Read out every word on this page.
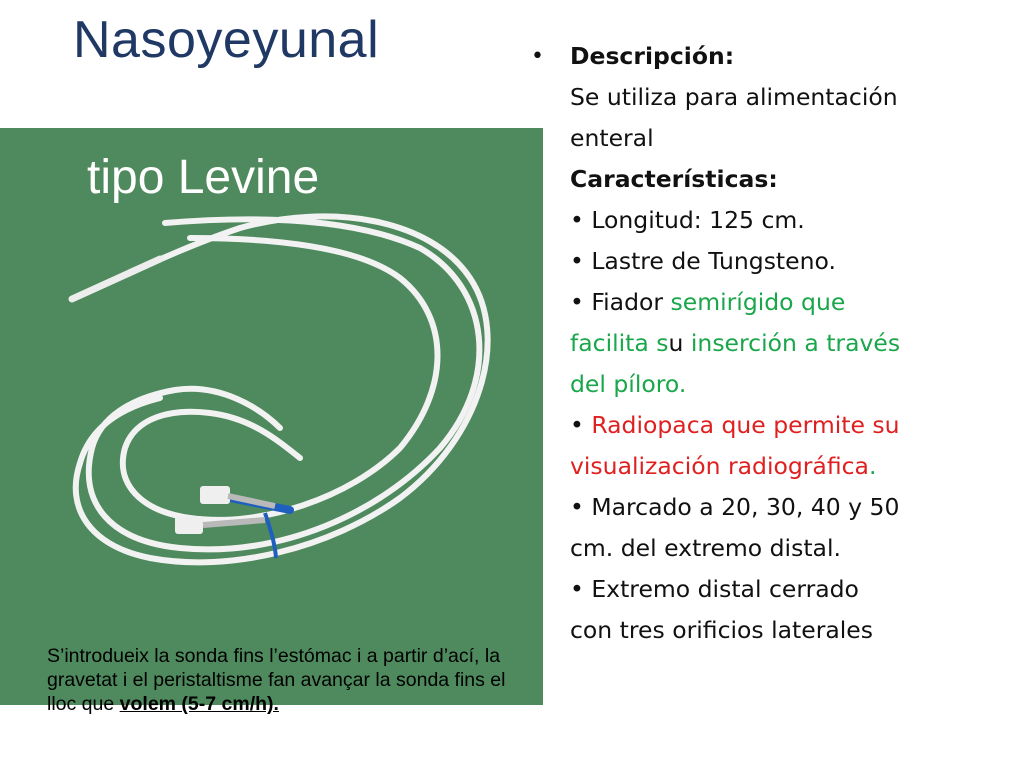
Nasoyeyunal
tipo Levine
S’introdueix la sonda fins l’estómac i a partir d’ací, la gravetat i el peristaltisme fan avançar la sonda fins el lloc que volem (5-7 cm/h).
• Descripción:
Se utiliza para alimentación
enteral
Características:
• Longitud: 125 cm.
• Lastre de Tungsteno.
• Fiador semirígido que
facilita su inserción a través
del píloro.
• Radiopaca que permite su
visualización radiográfica.
• Marcado a 20, 30, 40 y 50
cm. del extremo distal.
• Extremo distal cerrado
con tres orificios laterales
